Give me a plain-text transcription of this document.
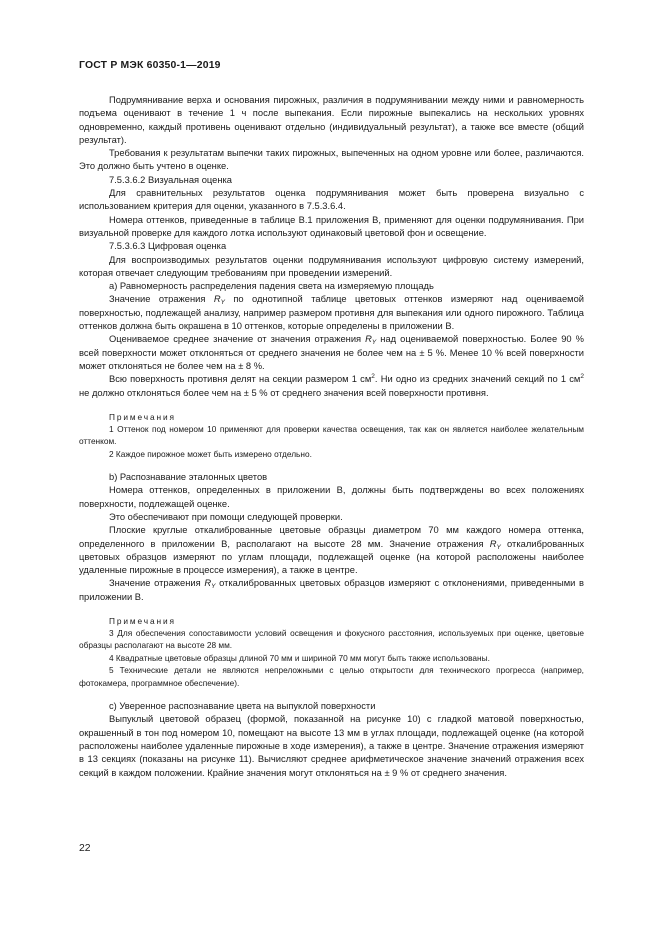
ГОСТ Р МЭК 60350-1—2019

Подрумянивание верха и основания пирожных, различия в подрумянивании между ними и равномерность подъема оценивают в течение 1 ч после выпекания. Если пирожные выпекались на нескольких уровнях одновременно, каждый противень оценивают отдельно (индивидуальный результат), а также все вместе (общий результат).

Требования к результатам выпечки таких пирожных, выпеченных на одном уровне или более, различаются. Это должно быть учтено в оценке.

7.5.3.6.2 Визуальная оценка

Для сравнительных результатов оценка подрумянивания может быть проверена визуально с использованием критерия для оценки, указанного в 7.5.3.6.4.

Номера оттенков, приведенные в таблице В.1 приложения В, применяют для оценки подрумянивания. При визуальной проверке для каждого лотка используют одинаковый цветовой фон и освещение.

7.5.3.6.3 Цифровая оценка

Для воспроизводимых результатов оценки подрумянивания используют цифровую систему измерений, которая отвечает следующим требованиям при проведении измерений.

а) Равномерность распределения падения света на измеряемую площадь

Значение отражения $R_Y$ по однотипной таблице цветовых оттенков измеряют над оцениваемой поверхностью, подлежащей анализу, например размером противня для выпекания или одного пирожного. Таблица оттенков должна быть окрашена в 10 оттенков, которые определены в приложении В.

Оцениваемое среднее значение от значения отражения $R_Y$ над оцениваемой поверхностью. Более 90 % всей поверхности может отклоняться от среднего значения не более чем на ± 5 %. Менее 10 % всей поверхности может отклоняться не более чем на ± 8 %.

Всю поверхность противня делят на секции размером 1 $см^2$. Ни одно из средних значений секций по 1 $см^2$ не должно отклоняться более чем на ± 5 % от среднего значения всей поверхности противня.

Примечания

1 Оттенок под номером 10 применяют для проверки качества освещения, так как он является наиболее желательным оттенком.

2 Каждое пирожное может быть измерено отдельно.

b) Распознавание эталонных цветов

Номера оттенков, определенных в приложении В, должны быть подтверждены во всех положениях поверхности, подлежащей оценке.

Это обеспечивают при помощи следующей проверки.

Плоские круглые откалиброванные цветовые образцы диаметром 70 мм каждого номера оттенка, определенного в приложении В, располагают на высоте 28 мм. Значение отражения $R_Y$ откалиброванных цветовых образцов измеряют по углам площади, подлежащей оценке (на которой расположены наиболее удаленные пирожные в процессе измерения), а также в центре.

Значение отражения $R_Y$ откалиброванных цветовых образцов измеряют с отклонениями, приведенными в приложении В.

Примечания

3 Для обеспечения сопоставимости условий освещения и фокусного расстояния, используемых при оценке, цветовые образцы располагают на высоте 28 мм.

4 Квадратные цветовые образцы длиной 70 мм и шириной 70 мм могут быть также использованы.

5 Технические детали не являются непреложными с целью открытости для технического прогресса (например, фотокамера, программное обеспечение).

c) Уверенное распознавание цвета на выпуклой поверхности

Выпуклый цветовой образец (формой, показанной на рисунке 10) с гладкой матовой поверхностью, окрашенный в тон под номером 10, помещают на высоте 13 мм в углах площади, подлежащей оценке (на которой расположены наиболее удаленные пирожные в ходе измерения), а также в центре. Значение отражения измеряют в 13 секциях (показаны на рисунке 11). Вычисляют среднее арифметическое значение значений отражения всех секций в каждом положении. Крайние значения могут отклоняться на ± 9 % от среднего значения.

22
